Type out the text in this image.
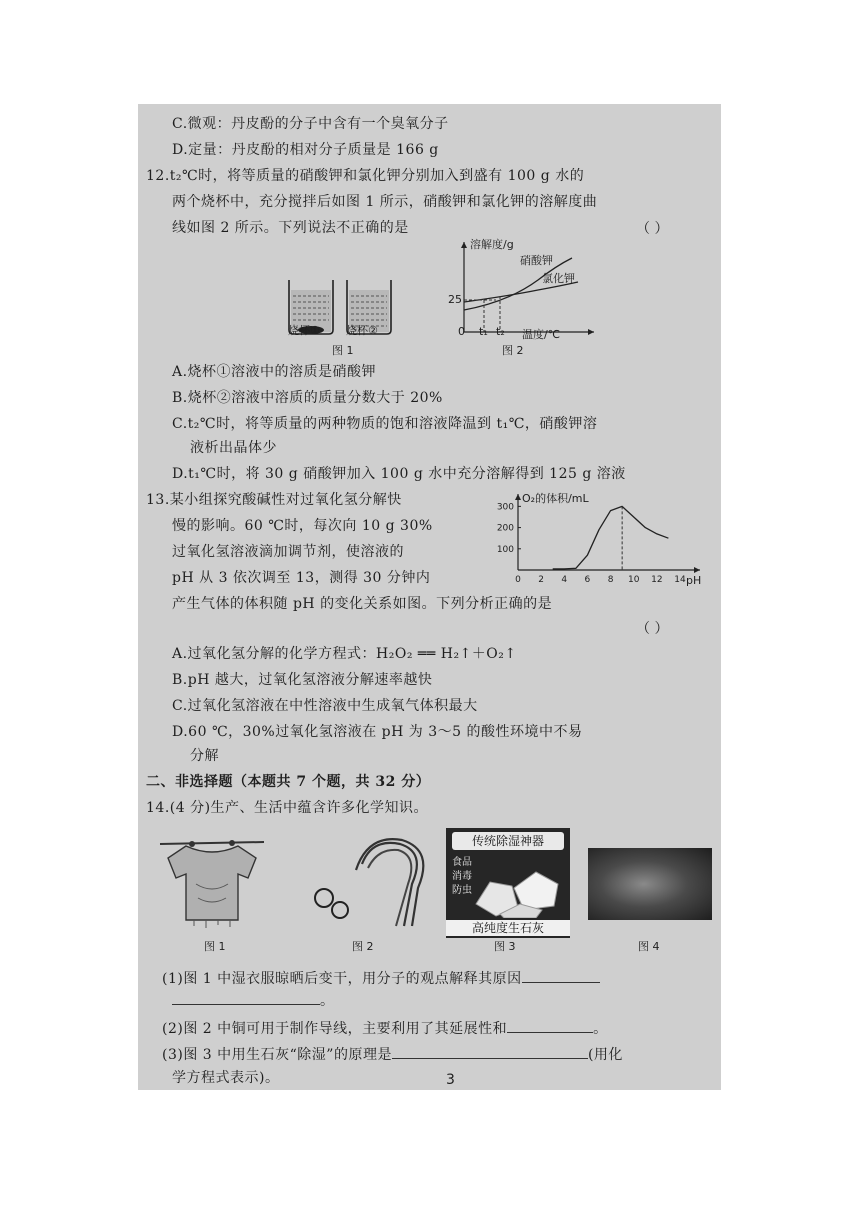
C.微观：丹皮酚的分子中含有一个臭氧分子
D.定量：丹皮酚的相对分子质量是 166 g
12.t₂℃时，将等质量的硝酸钾和氯化钾分别加入到盛有 100 g 水的
两个烧杯中，充分搅拌后如图 1 所示，硝酸钾和氯化钾的溶解度曲
线如图 2 所示。下列说法不正确的是	（ ）
烧杯① 烧杯②
图 1
溶解度/g
硝酸钾
氯化钾
25
0 t₁ t₂ 温度/℃
图 2
A.烧杯①溶液中的溶质是硝酸钾
B.烧杯②溶液中溶质的质量分数大于 20%
C.t₂℃时，将等质量的两种物质的饱和溶液降温到 t₁℃，硝酸钾溶
液析出晶体少
D.t₁℃时，将 30 g 硝酸钾加入 100 g 水中充分溶解得到 125 g 溶液
13.某小组探究酸碱性对过氧化氢分解快
慢的影响。60 ℃时，每次向 10 g 30%
过氧化氢溶液滴加调节剂，使溶液的
pH 从 3 依次调至 13，测得 30 分钟内
产生气体的体积随 pH 的变化关系如图。下列分析正确的是
（ ）
0 2 4 6 8 10 12 14
100
200
300
O₂的体积/mL
pH
A.过氧化氢分解的化学方程式：H₂O₂ ══ H₂↑＋O₂↑
B.pH 越大，过氧化氢溶液分解速率越快
C.过氧化氢溶液在中性溶液中生成氧气体积最大
D.60 ℃，30%过氧化氢溶液在 pH 为 3～5 的酸性环境中不易
分解
二、非选择题（本题共 7 个题，共 32 分）
14.(4 分)生产、生活中蕴含许多化学知识。
传统除湿神器
食品
消毒
防虫
高纯度生石灰
图 1	图 2	图 3	图 4
(1)图 1 中湿衣服晾晒后变干，用分子的观点解释其原因
。
(2)图 2 中铜可用于制作导线，主要利用了其延展性和	。
(3)图 3 中用生石灰“除湿”的原理是	(用化
学方程式表示)。	3
